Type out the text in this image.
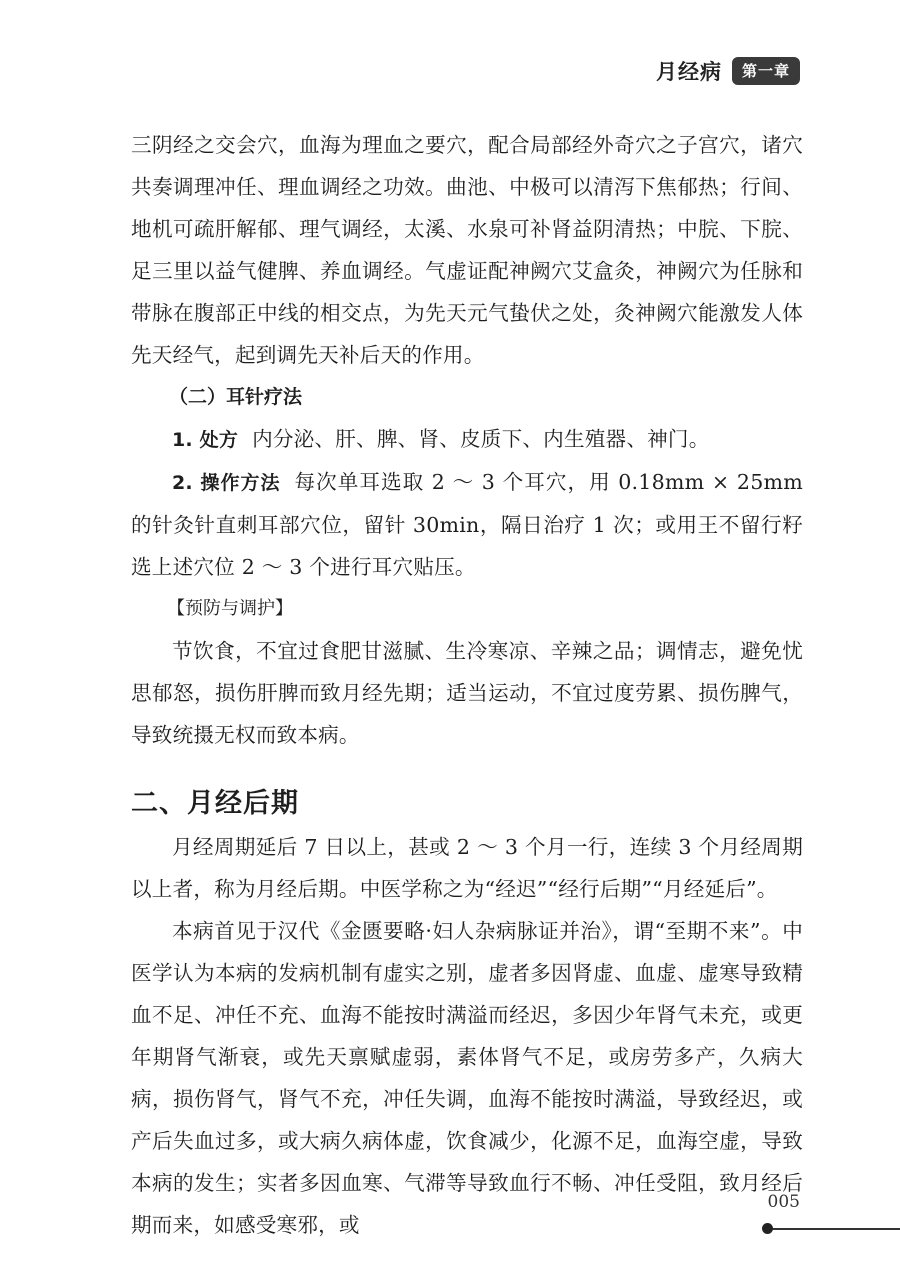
月经病	第一章

三阴经之交会穴，血海为理血之要穴，配合局部经外奇穴之子宫穴，诸穴共奏调理冲任、理血调经之功效。曲池、中极可以清泻下焦郁热；行间、地机可疏肝解郁、理气调经，太溪、水泉可补肾益阴清热；中脘、下脘、足三里以益气健脾、养血调经。气虚证配神阙穴艾盒灸，神阙穴为任脉和带脉在腹部正中线的相交点，为先天元气蛰伏之处，灸神阙穴能激发人体先天经气，起到调先天补后天的作用。

（二）耳针疗法

1. 处方 内分泌、肝、脾、肾、皮质下、内生殖器、神门。

2. 操作方法 每次单耳选取 2 ～ 3 个耳穴，用 0.18mm × 25mm 的针灸针直刺耳部穴位，留针 30min，隔日治疗 1 次；或用王不留行籽选上述穴位 2 ～ 3 个进行耳穴贴压。

【预防与调护】

节饮食，不宜过食肥甘滋腻、生冷寒凉、辛辣之品；调情志，避免忧思郁怒，损伤肝脾而致月经先期；适当运动，不宜过度劳累、损伤脾气，导致统摄无权而致本病。

二、月经后期

月经周期延后 7 日以上，甚或 2 ～ 3 个月一行，连续 3 个月经周期以上者，称为月经后期。中医学称之为“经迟”“经行后期”“月经延后”。

本病首见于汉代《金匮要略·妇人杂病脉证并治》，谓“至期不来”。中医学认为本病的发病机制有虚实之别，虚者多因肾虚、血虚、虚寒导致精血不足、冲任不充、血海不能按时满溢而经迟，多因少年肾气未充，或更年期肾气渐衰，或先天禀赋虚弱，素体肾气不足，或房劳多产，久病大病，损伤肾气，肾气不充，冲任失调，血海不能按时满溢，导致经迟，或产后失血过多，或大病久病体虚，饮食减少，化源不足，血海空虚，导致本病的发生；实者多因血寒、气滞等导致血行不畅、冲任受阻，致月经后期而来，如感受寒邪，或

005
